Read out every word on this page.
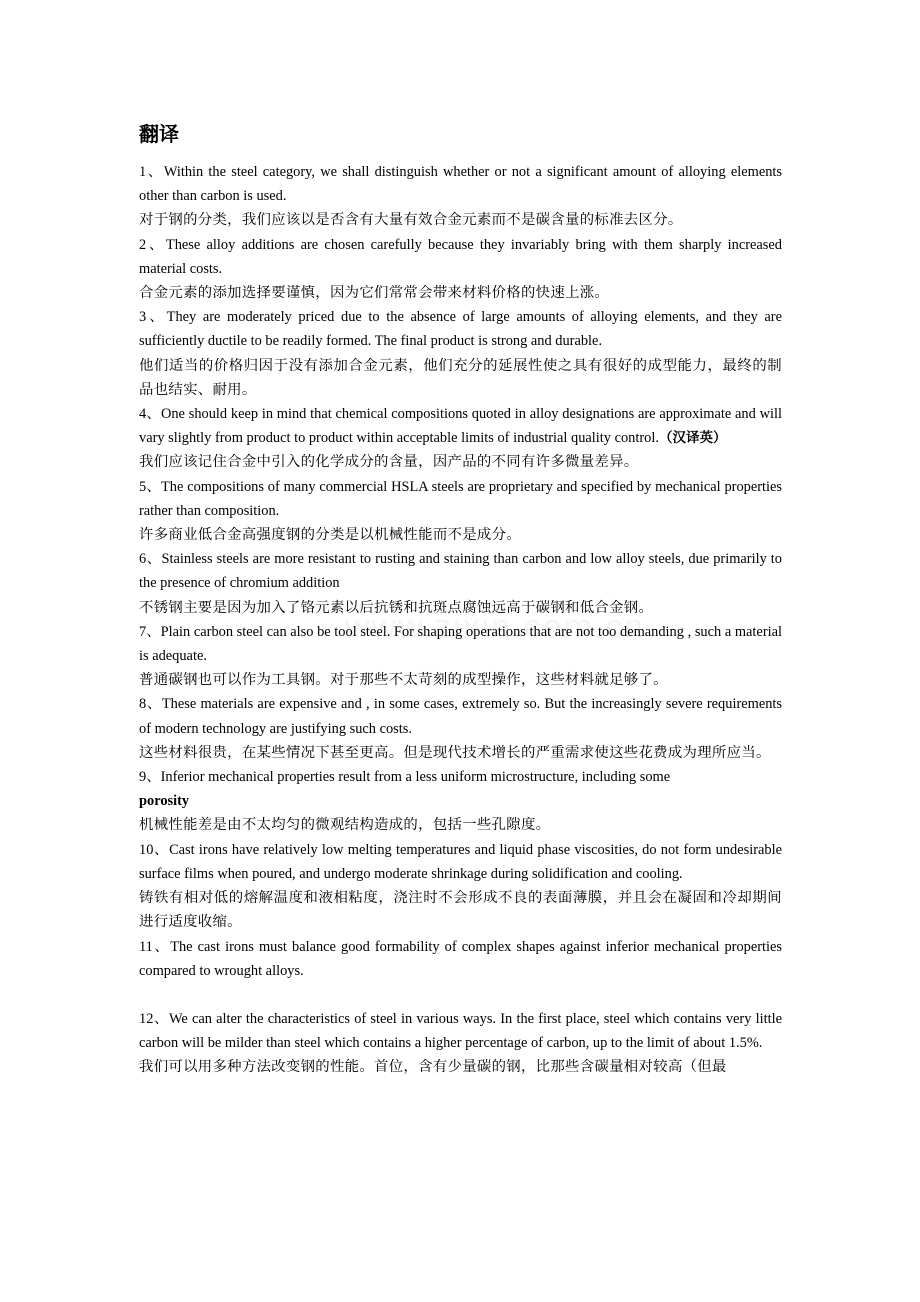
翻译

1、Within the steel category, we shall distinguish whether or not a significant amount of alloying elements other than carbon is used.

对于钢的分类，我们应该以是否含有大量有效合金元素而不是碳含量的标准去区分。

2、These alloy additions are chosen carefully because they invariably bring with them sharply increased material costs.

合金元素的添加选择要谨慎，因为它们常常会带来材料价格的快速上涨。

3、They are moderately priced due to the absence of large amounts of alloying elements, and they are sufficiently ductile to be readily formed. The final product is strong and durable.

他们适当的价格归因于没有添加合金元素，他们充分的延展性使之具有很好的成型能力，最终的制品也结实、耐用。

4、One should keep in mind that chemical compositions quoted in alloy designations are approximate and will vary slightly from product to product within acceptable limits of industrial quality control.（汉译英）

我们应该记住合金中引入的化学成分的含量，因产品的不同有许多微量差异。

5、The compositions of many commercial HSLA steels are proprietary and specified by mechanical properties rather than composition.

许多商业低合金高强度钢的分类是以机械性能而不是成分。

6、Stainless steels are more resistant to rusting and staining than carbon and low alloy steels, due primarily to the presence of chromium addition

不锈钢主要是因为加入了铬元素以后抗锈和抗斑点腐蚀远高于碳钢和低合金钢。

7、Plain carbon steel can also be tool steel. For shaping operations that are not too demanding , such a material is adequate.

普通碳钢也可以作为工具钢。对于那些不太苛刻的成型操作，这些材料就足够了。

8、These materials are expensive and , in some cases, extremely so. But the increasingly severe requirements of modern technology are justifying such costs.

这些材料很贵，在某些情况下甚至更高。但是现代技术增长的严重需求使这些花费成为理所应当。

9、Inferior mechanical properties result from a less uniform microstructure, including some

porosity

机械性能差是由不太均匀的微观结构造成的，包括一些孔隙度。

10、Cast irons have relatively low melting temperatures and liquid phase viscosities, do not form undesirable surface films when poured, and undergo moderate shrinkage during solidification and cooling.

铸铁有相对低的熔解温度和液相粘度，浇注时不会形成不良的表面薄膜，并且会在凝固和冷却期间进行适度收缩。

11、The cast irons must balance good formability of complex shapes against inferior mechanical properties compared to wrought alloys.

12、We can alter the characteristics of steel in various ways. In the first place, steel which contains very little carbon will be milder than steel which contains a higher percentage of carbon, up to the limit of about 1.5%.

我们可以用多种方法改变钢的性能。首位，含有少量碳的钢，比那些含碳量相对较高（但最
